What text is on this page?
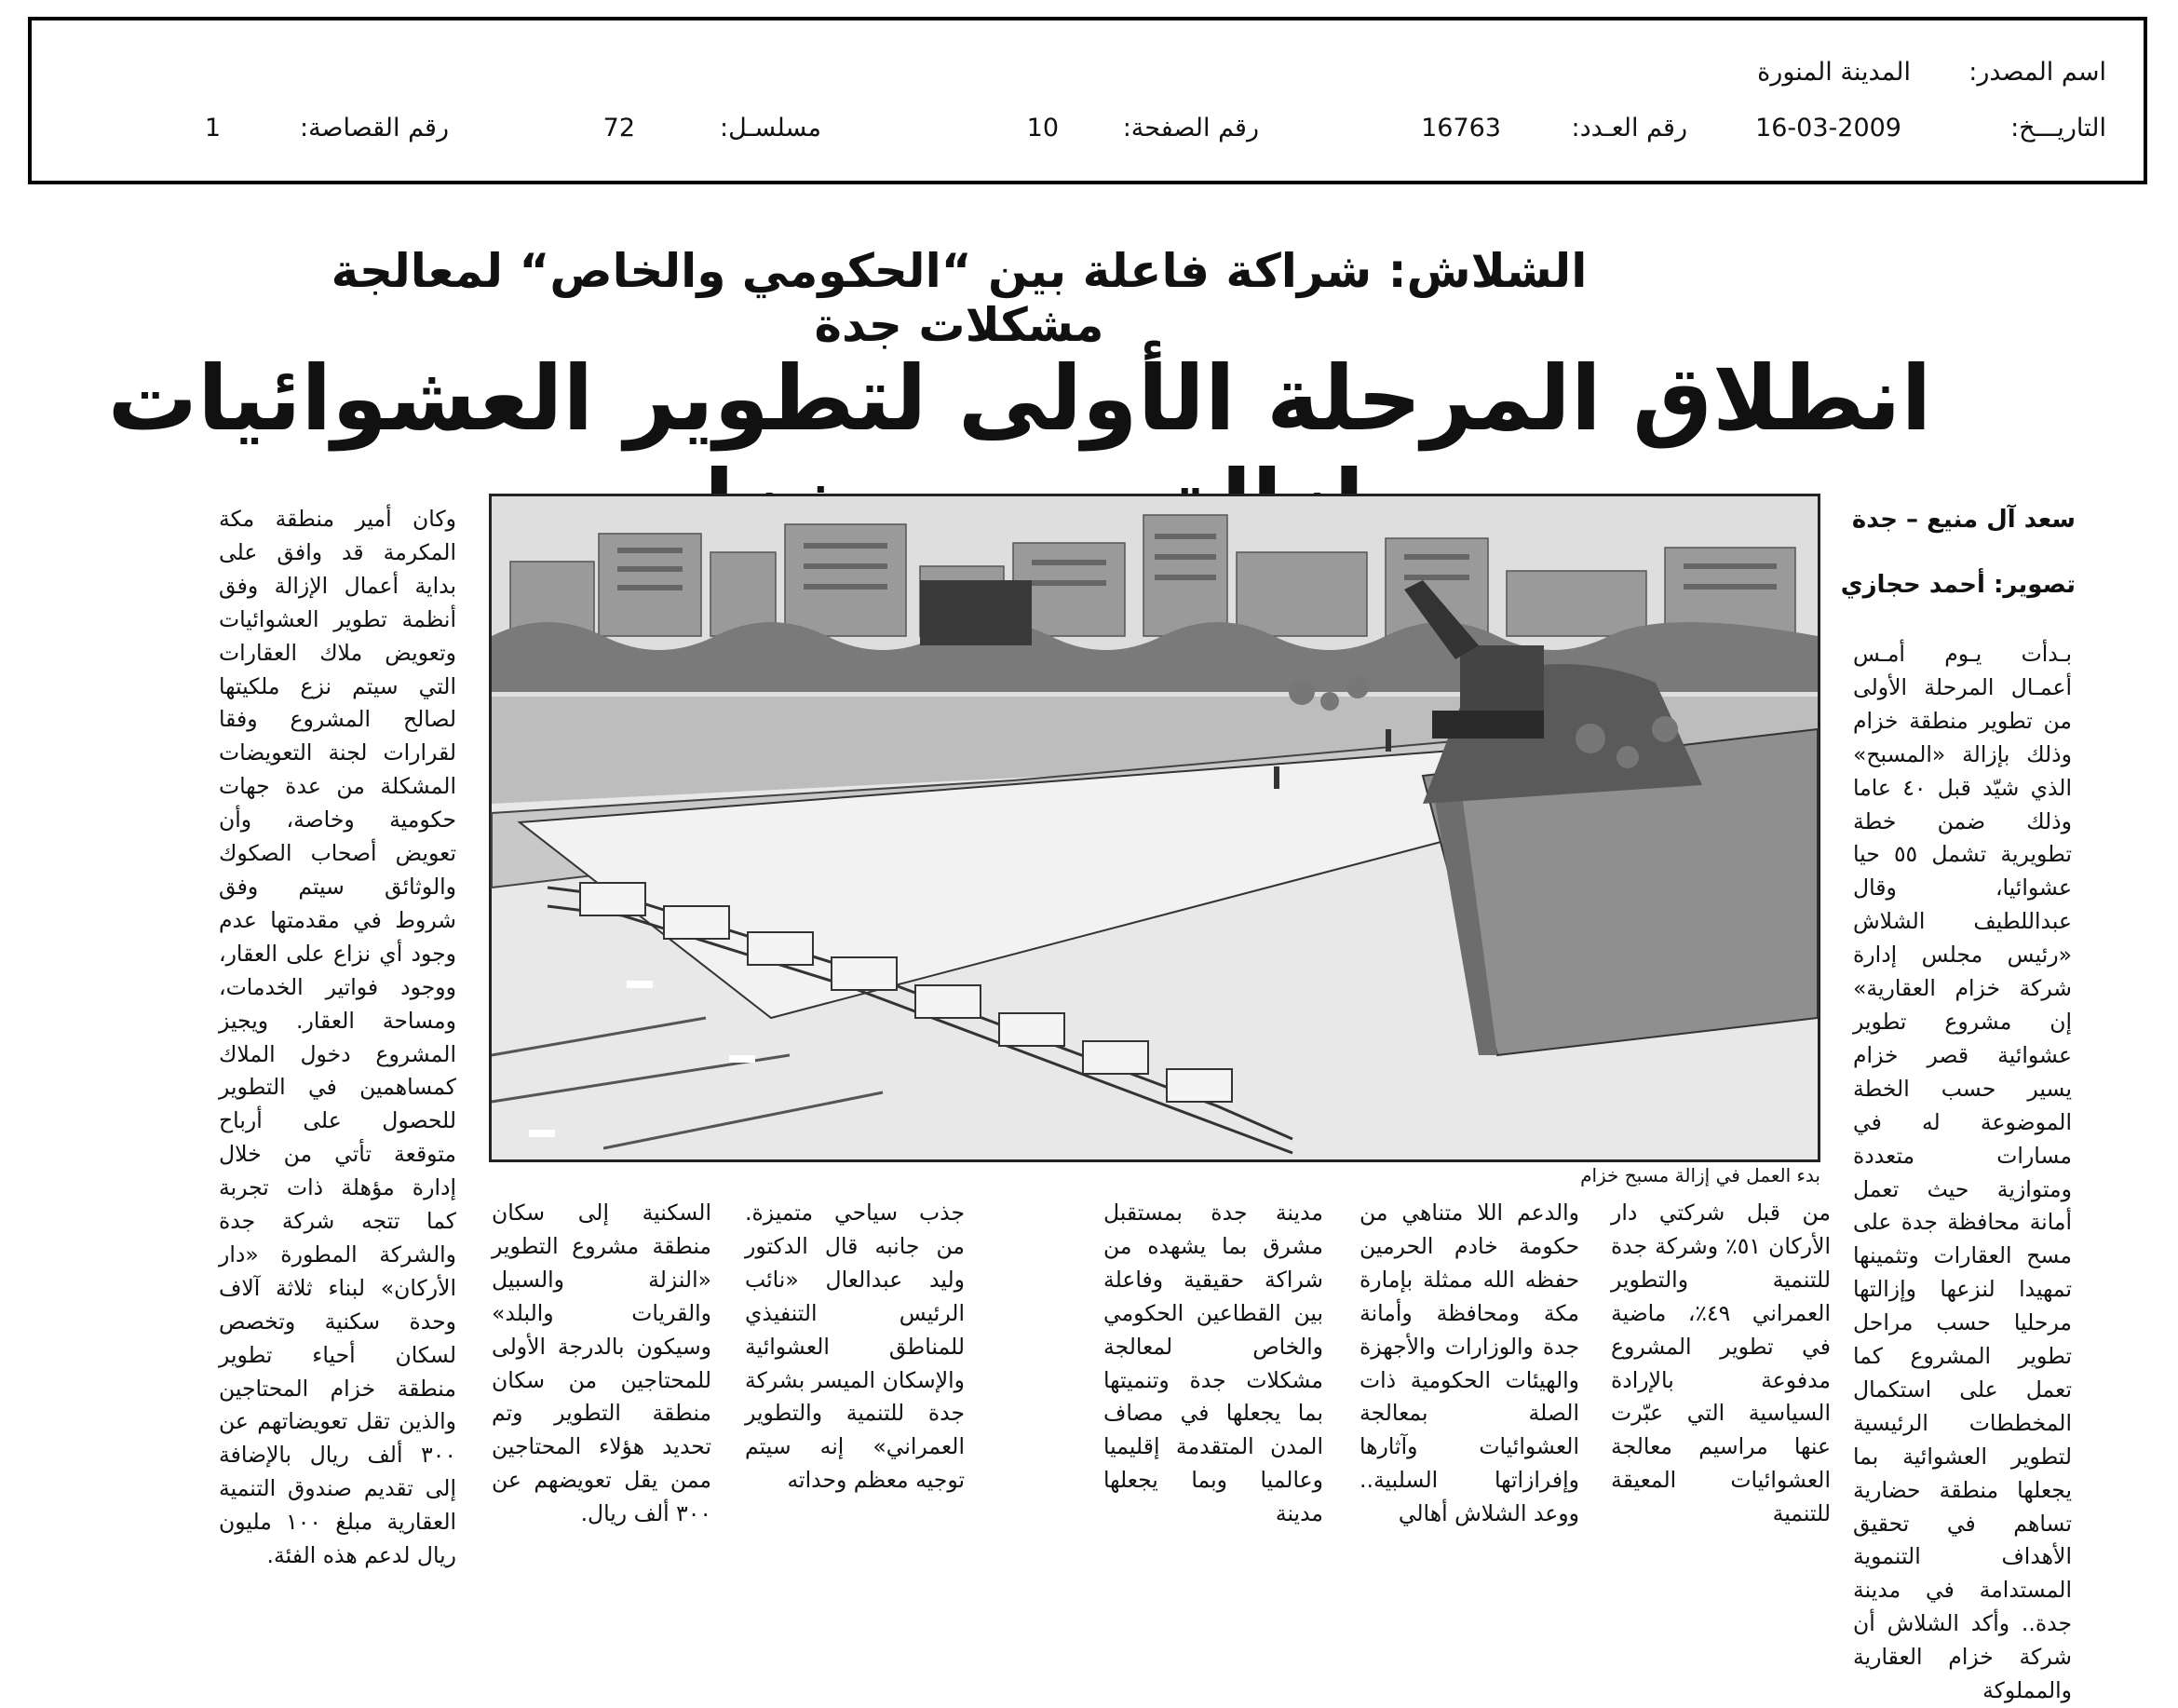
اسم المصدر:
المدينة المنورة
التاريـــخ:
16-03-2009
رقم العـدد:
16763
رقم الصفحة:
10
مسلسـل:
72
رقم القصاصة:
1
الشلاش: شراكة فاعلة بين “الحكومي والخاص“ لمعالجة مشكلات جدة
انطلاق المرحلة الأولى لتطوير العشوائيات
سعد آل منيع – جدة
تصوير: أحمد حجازي
بدء العمل في إزالة مسبح خزام
بـدأت يـوم أمـس أعمـال المرحلة الأولى من تطوير منطقة خزام وذلك بإزالة «المسبح» الذي شيّد قبل ٤٠ عاما وذلك ضمن خطة تطويرية تشمل ٥٥ حيا عشوائيا، وقال عبداللطيف الشلاش «رئيس مجلس إدارة شركة خزام العقارية» إن مشروع تطوير عشوائية قصر خزام يسير حسب الخطة الموضوعة له في مسارات متعددة ومتوازية حيث تعمل أمانة محافظة جدة على مسح العقارات وتثمينها تمهيدا لنزعها وإزالتها مرحليا حسب مراحل تطوير المشروع كما تعمل على استكمال المخططات الرئيسية لتطوير العشوائية بما يجعلها منطقة حضارية تساهم في تحقيق الأهداف التنموية المستدامة في مدينة جدة.. وأكد الشلاش أن شركة خزام العقارية والمملوكة
من قبل شركتي دار الأركان ٥١٪ وشركة جدة للتنمية والتطوير العمراني ٤٩٪، ماضية في تطوير المشروع مدفوعة بالإرادة السياسية التي عبّرت عنها مراسيم معالجة العشوائيات المعيقة للتنمية
والدعم اللا متناهي من حكومة خادم الحرمين حفظه الله ممثلة بإمارة مكة ومحافظة وأمانة جدة والوزارات والأجهزة والهيئات الحكومية ذات الصلة بمعالجة العشوائيات وآثارها وإفرازاتها السلبية.. ووعد الشلاش أهالي
مدينة جدة بمستقبل مشرق بما يشهده من شراكة حقيقية وفاعلة بين القطاعين الحكومي والخاص لمعالجة مشكلات جدة وتنميتها بما يجعلها في مصاف المدن المتقدمة إقليميا وعالميا وبما يجعلها مدينة
جذب سياحي متميزة. من جانبه قال الدكتور وليد عبدالعال «نائب الرئيس التنفيذي للمناطق العشوائية والإسكان الميسر بشركة جدة للتنمية والتطوير العمراني» إنه سيتم توجيه معظم وحداته
السكنية إلى سكان منطقة مشروع التطوير «النزلة والسبيل والقريات والبلد» وسيكون بالدرجة الأولى للمحتاجين من سكان منطقة التطوير وتم تحديد هؤلاء المحتاجين ممن يقل تعويضهم عن ٣٠٠ ألف ريال.
وكان أمير منطقة مكة المكرمة قد وافق على بداية أعمال الإزالة وفق أنظمة تطوير العشوائيات وتعويض ملاك العقارات التي سيتم نزع ملكيتها لصالح المشروع وفقا لقرارات لجنة التعويضات المشكلة من عدة جهات حكومية وخاصة، وأن تعويض أصحاب الصكوك والوثائق سيتم وفق شروط في مقدمتها عدم وجود أي نزاع على العقار، ووجود فواتير الخدمات، ومساحة العقار. ويجيز المشروع دخول الملاك كمساهمين في التطوير للحصول على أرباح متوقعة تأتي من خلال إدارة مؤهلة ذات تجربة كما تتجه شركة جدة والشركة المطورة «دار الأركان» لبناء ثلاثة آلاف وحدة سكنية وتخصص لسكان أحياء تطوير منطقة خزام المحتاجين والذين تقل تعويضاتهم عن ٣٠٠ ألف ريال بالإضافة إلى تقديم صندوق التنمية العقارية مبلغ ١٠٠ مليون ريال لدعم هذه الفئة.
